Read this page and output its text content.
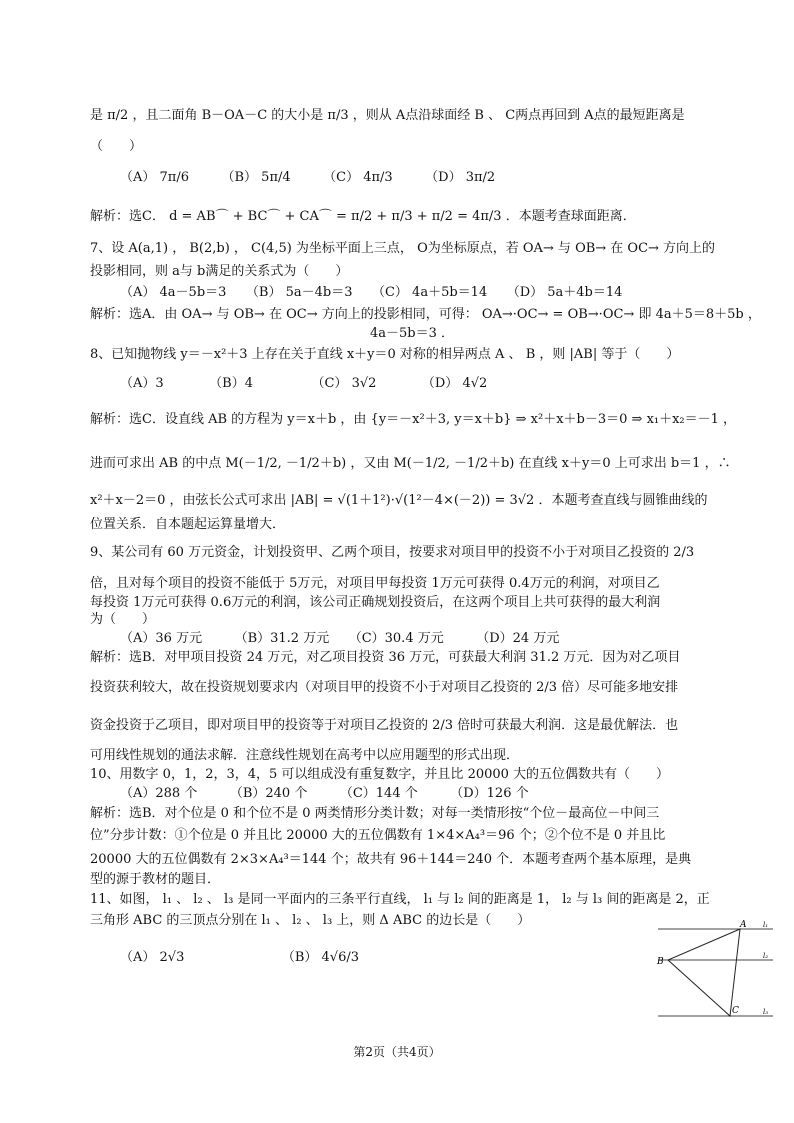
是 π/2 ，且二面角 B－OA－C 的大小是 π/3 ，则从 A点沿球面经 B 、 C两点再回到 A点的最短距离是
（　　）
（A） 7π/6　　　（B） 5π/4　　　（C） 4π/3　　　（D） 3π/2
解析：选C． d = AB⌒ + BC⌒ + CA⌒ = π/2 + π/3 + π/2 = 4π/3 ．本题考查球面距离．
7、设 A(a,1) ， B(2,b) ， C(4,5) 为坐标平面上三点， O为坐标原点，若 OA→ 与 OB→ 在 OC→ 方向上的
投影相同，则 a与 b满足的关系式为（　　）
（A） 4a－5b＝3　　（B） 5a－4b＝3　　（C） 4a＋5b＝14　　（D） 5a＋4b＝14
解析：选A．由 OA→ 与 OB→ 在 OC→ 方向上的投影相同，可得： OA→·OC→ = OB→·OC→ 即 4a＋5＝8＋5b ，
4a－5b＝3 ．
8、已知抛物线 y＝－x²＋3 上存在关于直线 x＋y＝0 对称的相异两点 A 、 B ，则 |AB| 等于（　　）
（A）3　　　　（B）4　　　　　（C） 3√2　　　　（D） 4√2
解析：选C．设直线 AB 的方程为 y＝x＋b ，由 {y＝－x²＋3, y＝x＋b} ⇒ x²＋x＋b－3＝0 ⇒ x₁＋x₂＝－1 ，
进而可求出 AB 的中点 M(－1/2, －1/2＋b) ，又由 M(－1/2, －1/2＋b) 在直线 x＋y＝0 上可求出 b＝1 ，∴
x²＋x－2＝0 ，由弦长公式可求出 |AB| = √(1＋1²)·√(1²－4×(－2)) = 3√2 ．本题考查直线与圆锥曲线的
位置关系．自本题起运算量增大．
9、某公司有 60 万元资金，计划投资甲、乙两个项目，按要求对项目甲的投资不小于对项目乙投资的 2/3
倍，且对每个项目的投资不能低于 5万元，对项目甲每投资 1万元可获得 0.4万元的利润，对项目乙
每投资 1万元可获得 0.6万元的利润，该公司正确规划投资后，在这两个项目上共可获得的最大利润
为（　　）
（A）36 万元　　　（B）31.2 万元　　（C）30.4 万元　　　（D）24 万元
解析：选B．对甲项目投资 24 万元，对乙项目投资 36 万元，可获最大利润 31.2 万元．因为对乙项目
投资获利较大，故在投资规划要求内（对项目甲的投资不小于对项目乙投资的 2/3 倍）尽可能多地安排
资金投资于乙项目，即对项目甲的投资等于对项目乙投资的 2/3 倍时可获最大利润．这是最优解法．也
可用线性规划的通法求解．注意线性规划在高考中以应用题型的形式出现．
10、用数字 0，1，2，3，4，5 可以组成没有重复数字，并且比 20000 大的五位偶数共有（　　）
（A）288 个　　　（B）240 个　　　（C）144 个　　　（D）126 个
解析：选B．对个位是 0 和个位不是 0 两类情形分类计数；对每一类情形按“个位－最高位－中间三
位”分步计数：①个位是 0 并且比 20000 大的五位偶数有 1×4×A₄³＝96 个；②个位不是 0 并且比
20000 大的五位偶数有 2×3×A₄³＝144 个；故共有 96＋144＝240 个．本题考查两个基本原理，是典
型的源于教材的题目．
11、如图， l₁ 、 l₂ 、 l₃ 是同一平面内的三条平行直线， l₁ 与 l₂ 间的距离是 1， l₂ 与 l₃ 间的距离是 2，正
三角形 ABC 的三顶点分别在 l₁ 、 l₂ 、 l₃ 上，则 Δ ABC 的边长是（　　）
（A） 2√3　　　　　　　　（B） 4√6/3
A
B
C
l₁
l₂
l₃
第2页（共4页）
